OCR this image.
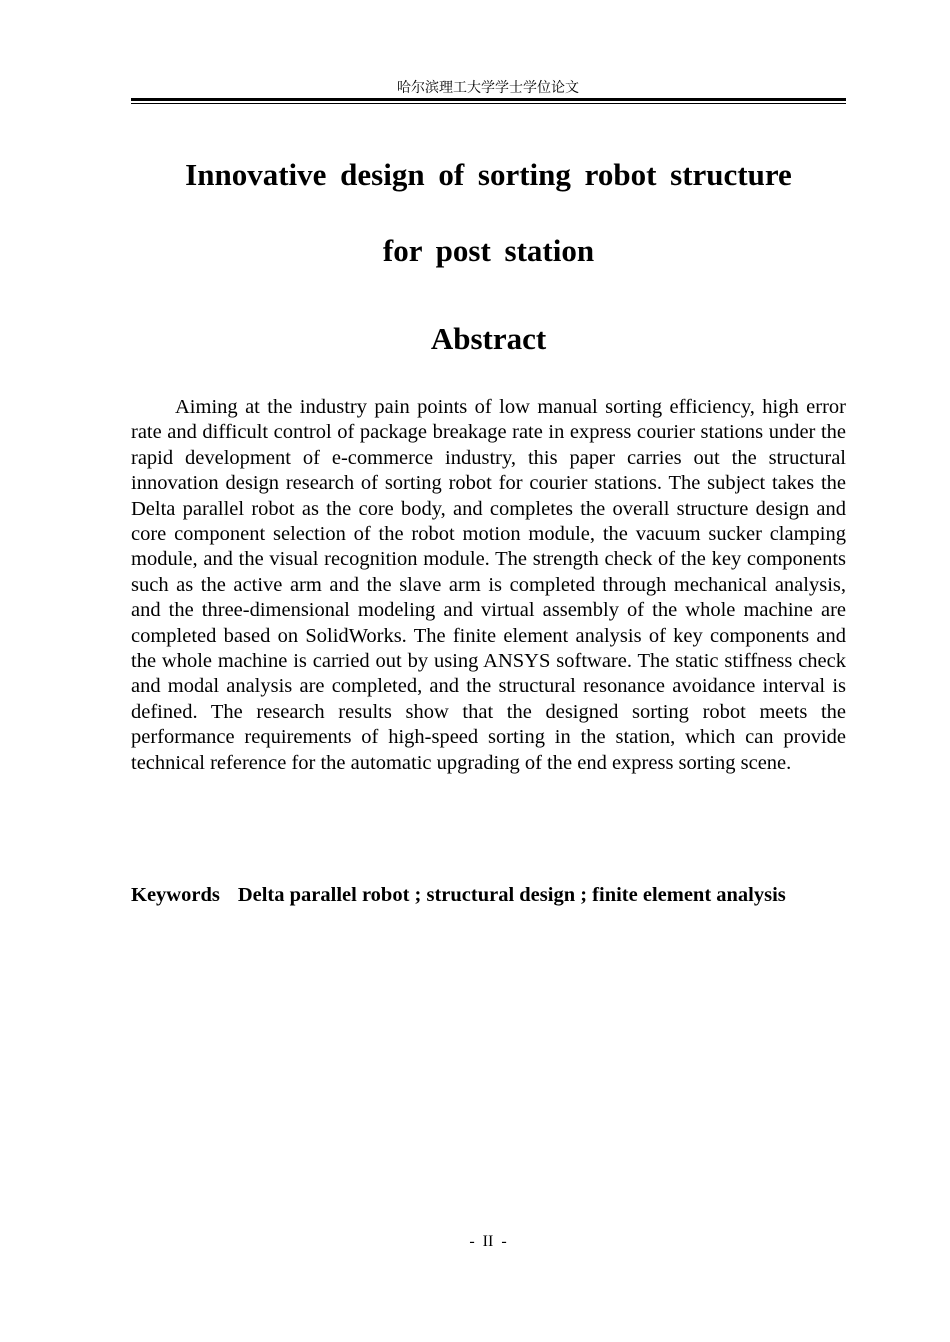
哈尔滨理工大学学士学位论文
Innovative design of sorting robot structure
for post station
Abstract

Aiming at the industry pain points of low manual sorting efficiency, high error rate and difficult control of package breakage rate in express courier stations under the rapid development of e-commerce industry, this paper carries out the structural innovation design research of sorting robot for courier stations. The subject takes the Delta parallel robot as the core body, and completes the overall structure design and core component selection of the robot motion module, the vacuum sucker clamping module, and the visual recognition module. The strength check of the key components such as the active arm and the slave arm is completed through mechanical analysis, and the three-dimensional modeling and virtual assembly of the whole machine are completed based on SolidWorks. The finite element analysis of key components and the whole machine is carried out by using ANSYS software. The static stiffness check and modal analysis are completed, and the structural resonance avoidance interval is defined. The research results show that the designed sorting robot meets the performance requirements of high-speed sorting in the station, which can provide technical reference for the automatic upgrading of the end express sorting scene.

Keywords Delta parallel robot ; structural design ; finite element analysis

- II -
